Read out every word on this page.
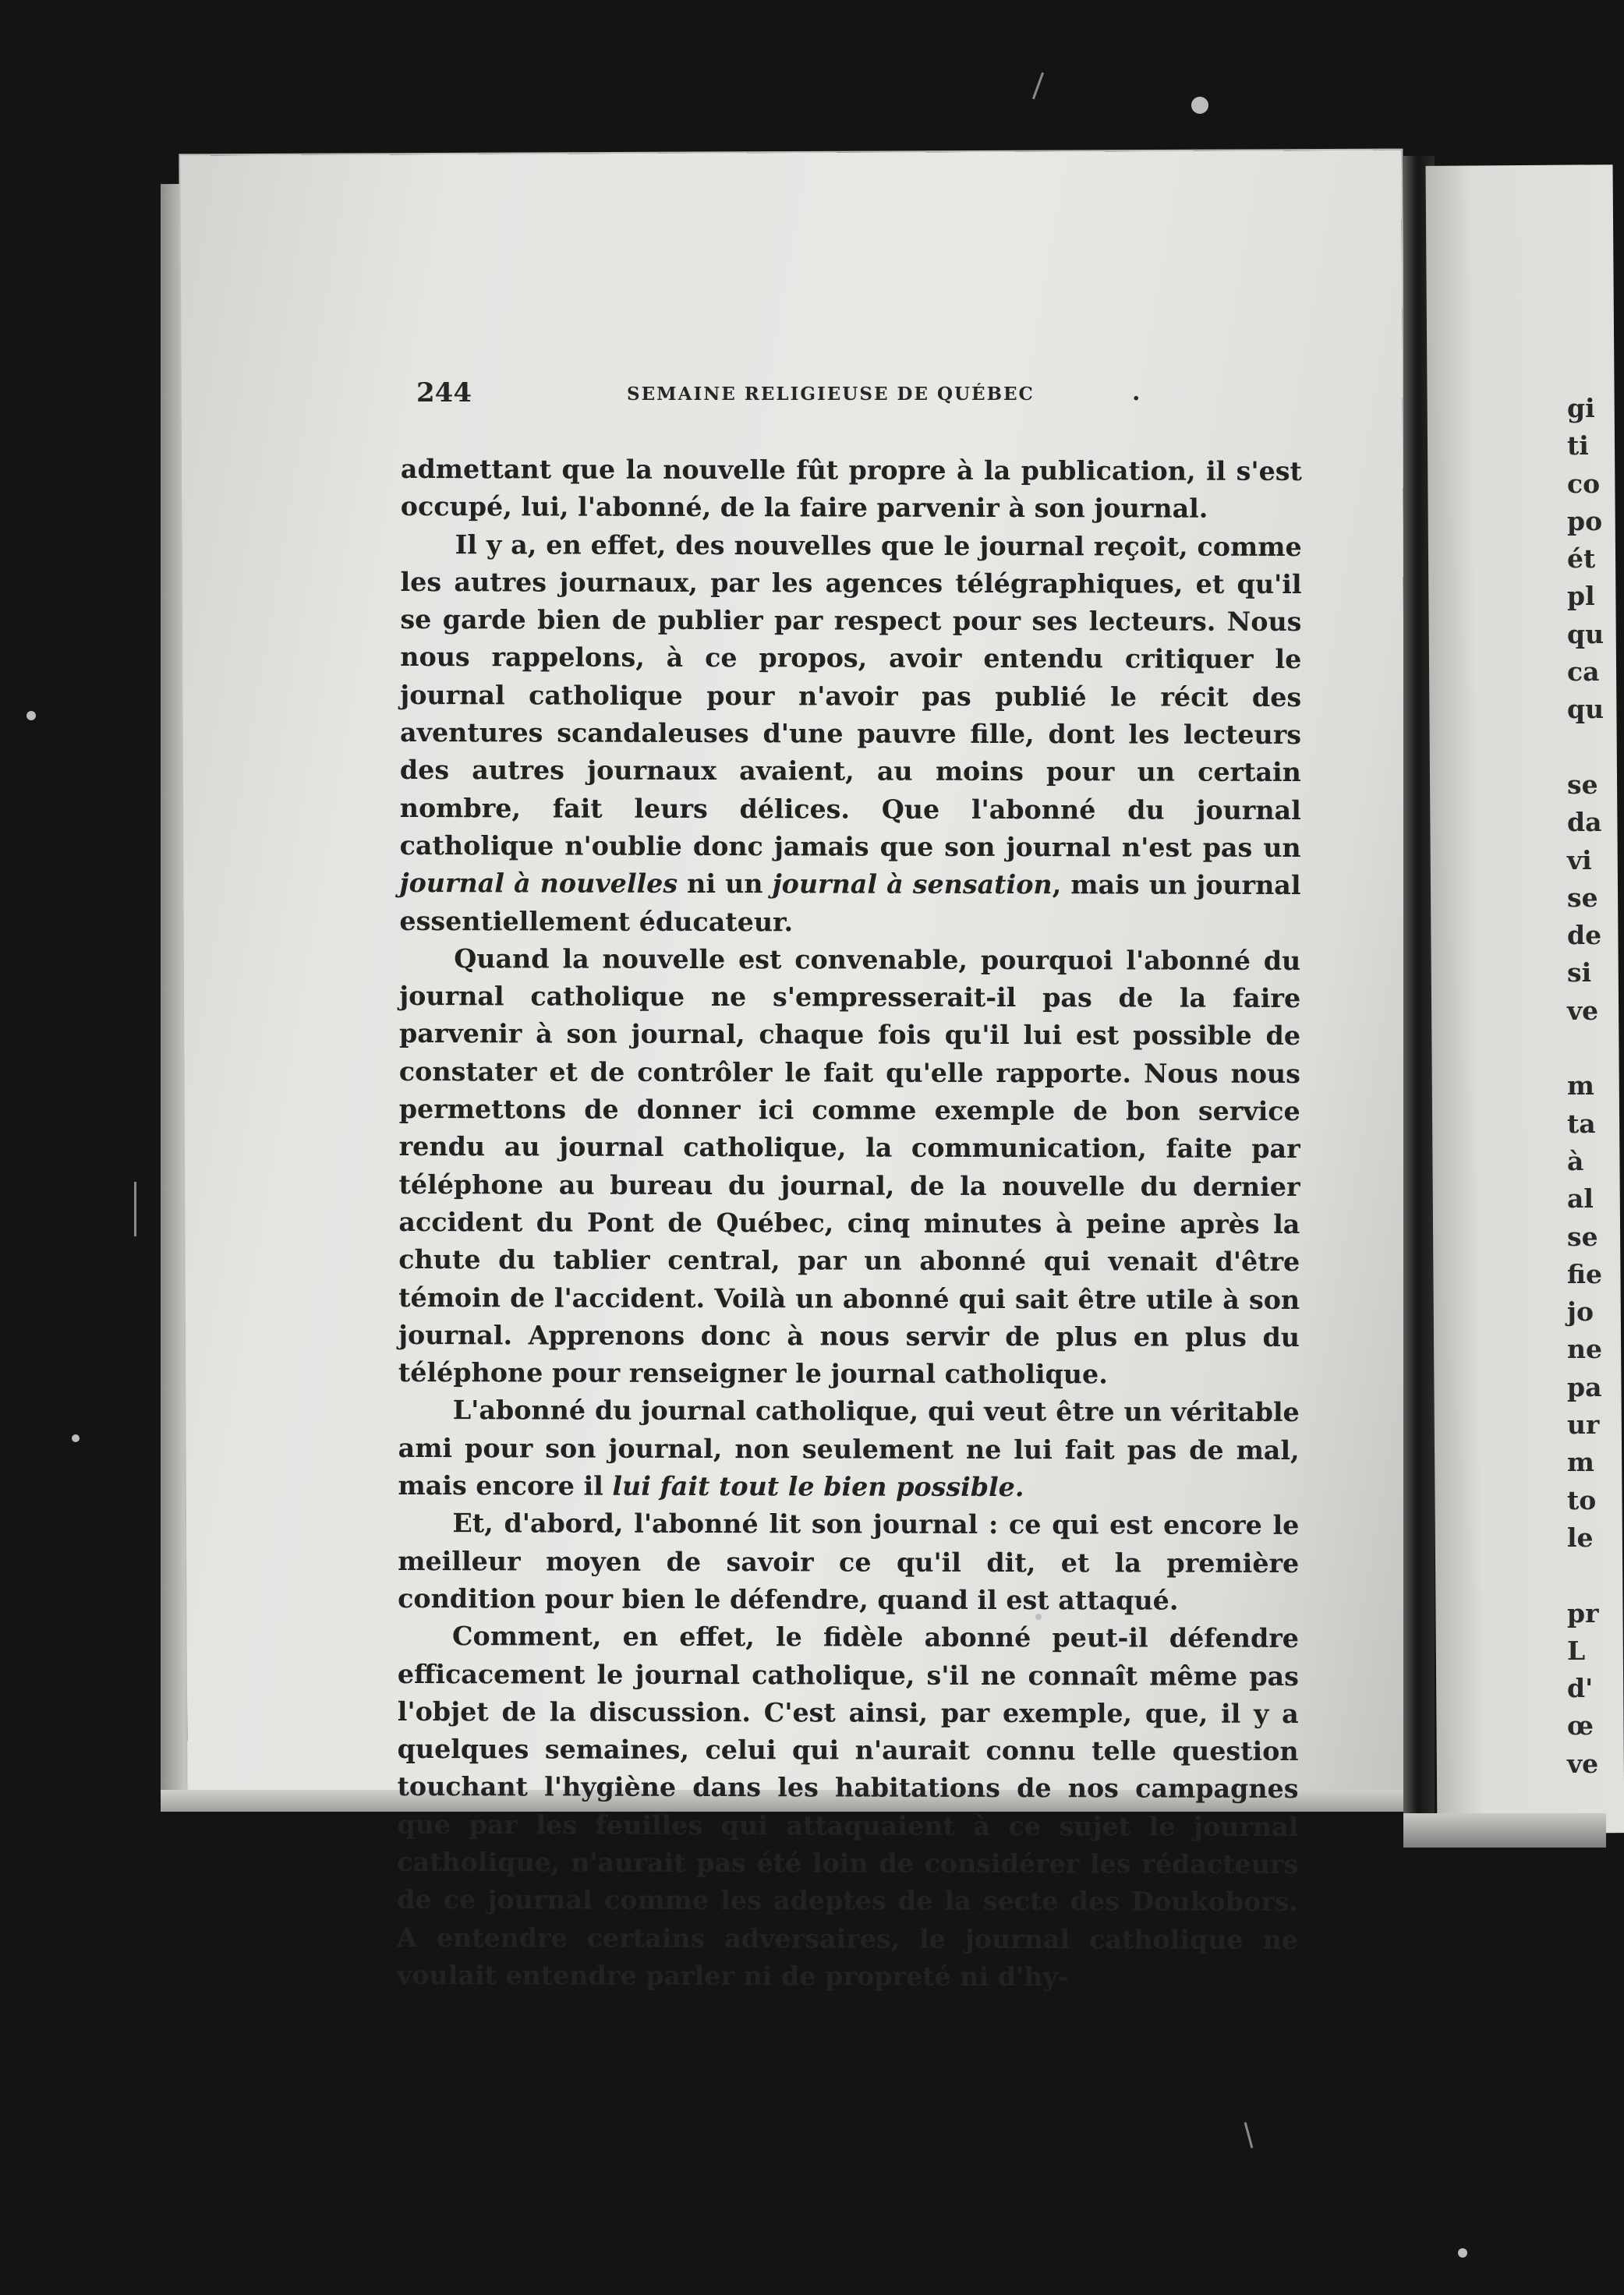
244	SEMAINE RELIGIEUSE DE QUÉBEC	.

admettant que la nouvelle fût propre à la publication, il s'est occupé, lui, l'abonné, de la faire parvenir à son journal.

Il y a, en effet, des nouvelles que le journal reçoit, comme les autres journaux, par les agences télégraphiques, et qu'il se garde bien de publier par respect pour ses lecteurs. Nous nous rappelons, à ce propos, avoir entendu critiquer le journal catholique pour n'avoir pas publié le récit des aventures scandaleuses d'une pauvre fille, dont les lecteurs des autres journaux avaient, au moins pour un certain nombre, fait leurs délices. Que l'abonné du journal catholique n'oublie donc jamais que son journal n'est pas un journal à nouvelles ni un journal à sensation, mais un journal essentiellement éducateur.

Quand la nouvelle est convenable, pourquoi l'abonné du journal catholique ne s'empresserait-il pas de la faire parvenir à son journal, chaque fois qu'il lui est possible de constater et de contrôler le fait qu'elle rapporte. Nous nous permettons de donner ici comme exemple de bon service rendu au journal catholique, la communication, faite par téléphone au bureau du journal, de la nouvelle du dernier accident du Pont de Québec, cinq minutes à peine après la chute du tablier central, par un abonné qui venait d'être témoin de l'accident. Voilà un abonné qui sait être utile à son journal. Apprenons donc à nous servir de plus en plus du téléphone pour renseigner le journal catholique.

L'abonné du journal catholique, qui veut être un véritable ami pour son journal, non seulement ne lui fait pas de mal, mais encore il lui fait tout le bien possible.

Et, d'abord, l'abonné lit son journal : ce qui est encore le meilleur moyen de savoir ce qu'il dit, et la première condition pour bien le défendre, quand il est attaqué.

Comment, en effet, le fidèle abonné peut-il défendre efficacement le journal catholique, s'il ne connaît même pas l'objet de la discussion. C'est ainsi, par exemple, que, il y a quelques semaines, celui qui n'aurait connu telle question touchant l'hygiène dans les habitations de nos campagnes que par les feuilles qui attaquaient à ce sujet le journal catholique, n'aurait pas été loin de considérer les rédacteurs de ce journal comme les adeptes de la secte des Doukobors. A entendre certains adversaires, le journal catholique ne voulait entendre parler ni de propreté ni d'hy-

gi
ti
co
po
ét
pl
qu
ca
qu
se
da
vi
se
de
si
ve
m
ta
à
al
se
fie
jo
ne
pa
ur
m
to
le
pr
L
d'
œ
ve
